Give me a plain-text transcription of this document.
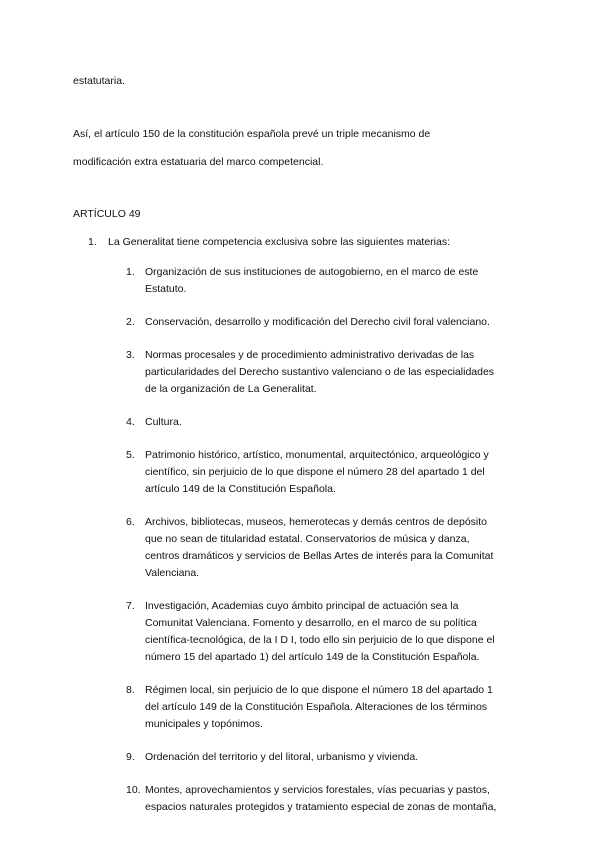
estatutaria.

Así, el artículo 150 de la constitución española prevé un triple mecanismo de

modificación extra estatuaria del marco competencial.

ARTÍCULO 49

1. La Generalitat tiene competencia exclusiva sobre las siguientes materias:

1. Organización de sus instituciones de autogobierno, en el marco de este Estatuto.
2. Conservación, desarrollo y modificación del Derecho civil foral valenciano.
3. Normas procesales y de procedimiento administrativo derivadas de las particularidades del Derecho sustantivo valenciano o de las especialidades de la organización de La Generalitat.
4. Cultura.
5. Patrimonio histórico, artístico, monumental, arquitectónico, arqueológico y científico, sin perjuicio de lo que dispone el número 28 del apartado 1 del artículo 149 de la Constitución Española.
6. Archivos, bibliotecas, museos, hemerotecas y demás centros de depósito que no sean de titularidad estatal. Conservatorios de música y danza, centros dramáticos y servicios de Bellas Artes de interés para la Comunitat Valenciana.
7. Investigación, Academias cuyo ámbito principal de actuación sea la Comunitat Valenciana. Fomento y desarrollo, en el marco de su política científica-tecnológica, de la I D I, todo ello sin perjuicio de lo que dispone el número 15 del apartado 1) del artículo 149 de la Constitución Española.
8. Régimen local, sin perjuicio de lo que dispone el número 18 del apartado 1 del artículo 149 de la Constitución Española. Alteraciones de los términos municipales y topónimos.
9. Ordenación del territorio y del litoral, urbanismo y vivienda.
10. Montes, aprovechamientos y servicios forestales, vías pecuarias y pastos, espacios naturales protegidos y tratamiento especial de zonas de montaña,
